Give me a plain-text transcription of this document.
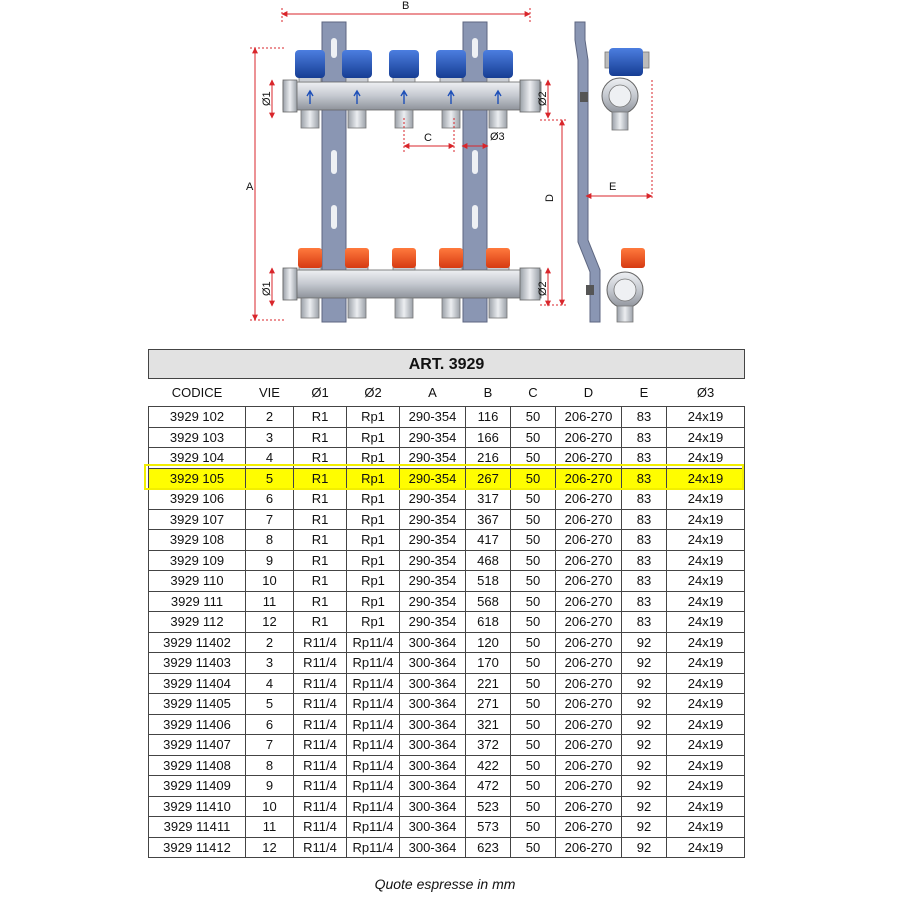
B
A
C
D
E
Ø1
Ø1
Ø2
Ø2
Ø3
ART. 3929									
CODICE	VIE	Ø1	Ø2	A	B	C	D	E	Ø3
3929 102	2	R1	Rp1	290-354	116	50	206-270	83	24x19
3929 103	3	R1	Rp1	290-354	166	50	206-270	83	24x19
3929 104	4	R1	Rp1	290-354	216	50	206-270	83	24x19
3929 105	5	R1	Rp1	290-354	267	50	206-270	83	24x19
3929 106	6	R1	Rp1	290-354	317	50	206-270	83	24x19
3929 107	7	R1	Rp1	290-354	367	50	206-270	83	24x19
3929 108	8	R1	Rp1	290-354	417	50	206-270	83	24x19
3929 109	9	R1	Rp1	290-354	468	50	206-270	83	24x19
3929 110	10	R1	Rp1	290-354	518	50	206-270	83	24x19
3929 111	11	R1	Rp1	290-354	568	50	206-270	83	24x19
3929 112	12	R1	Rp1	290-354	618	50	206-270	83	24x19
3929 11402	2	R11/4	Rp11/4	300-364	120	50	206-270	92	24x19
3929 11403	3	R11/4	Rp11/4	300-364	170	50	206-270	92	24x19
3929 11404	4	R11/4	Rp11/4	300-364	221	50	206-270	92	24x19
3929 11405	5	R11/4	Rp11/4	300-364	271	50	206-270	92	24x19
3929 11406	6	R11/4	Rp11/4	300-364	321	50	206-270	92	24x19
3929 11407	7	R11/4	Rp11/4	300-364	372	50	206-270	92	24x19
3929 11408	8	R11/4	Rp11/4	300-364	422	50	206-270	92	24x19
3929 11409	9	R11/4	Rp11/4	300-364	472	50	206-270	92	24x19
3929 11410	10	R11/4	Rp11/4	300-364	523	50	206-270	92	24x19
3929 11411	11	R11/4	Rp11/4	300-364	573	50	206-270	92	24x19
3929 11412	12	R11/4	Rp11/4	300-364	623	50	206-270	92	24x19
Quote espresse in mm
